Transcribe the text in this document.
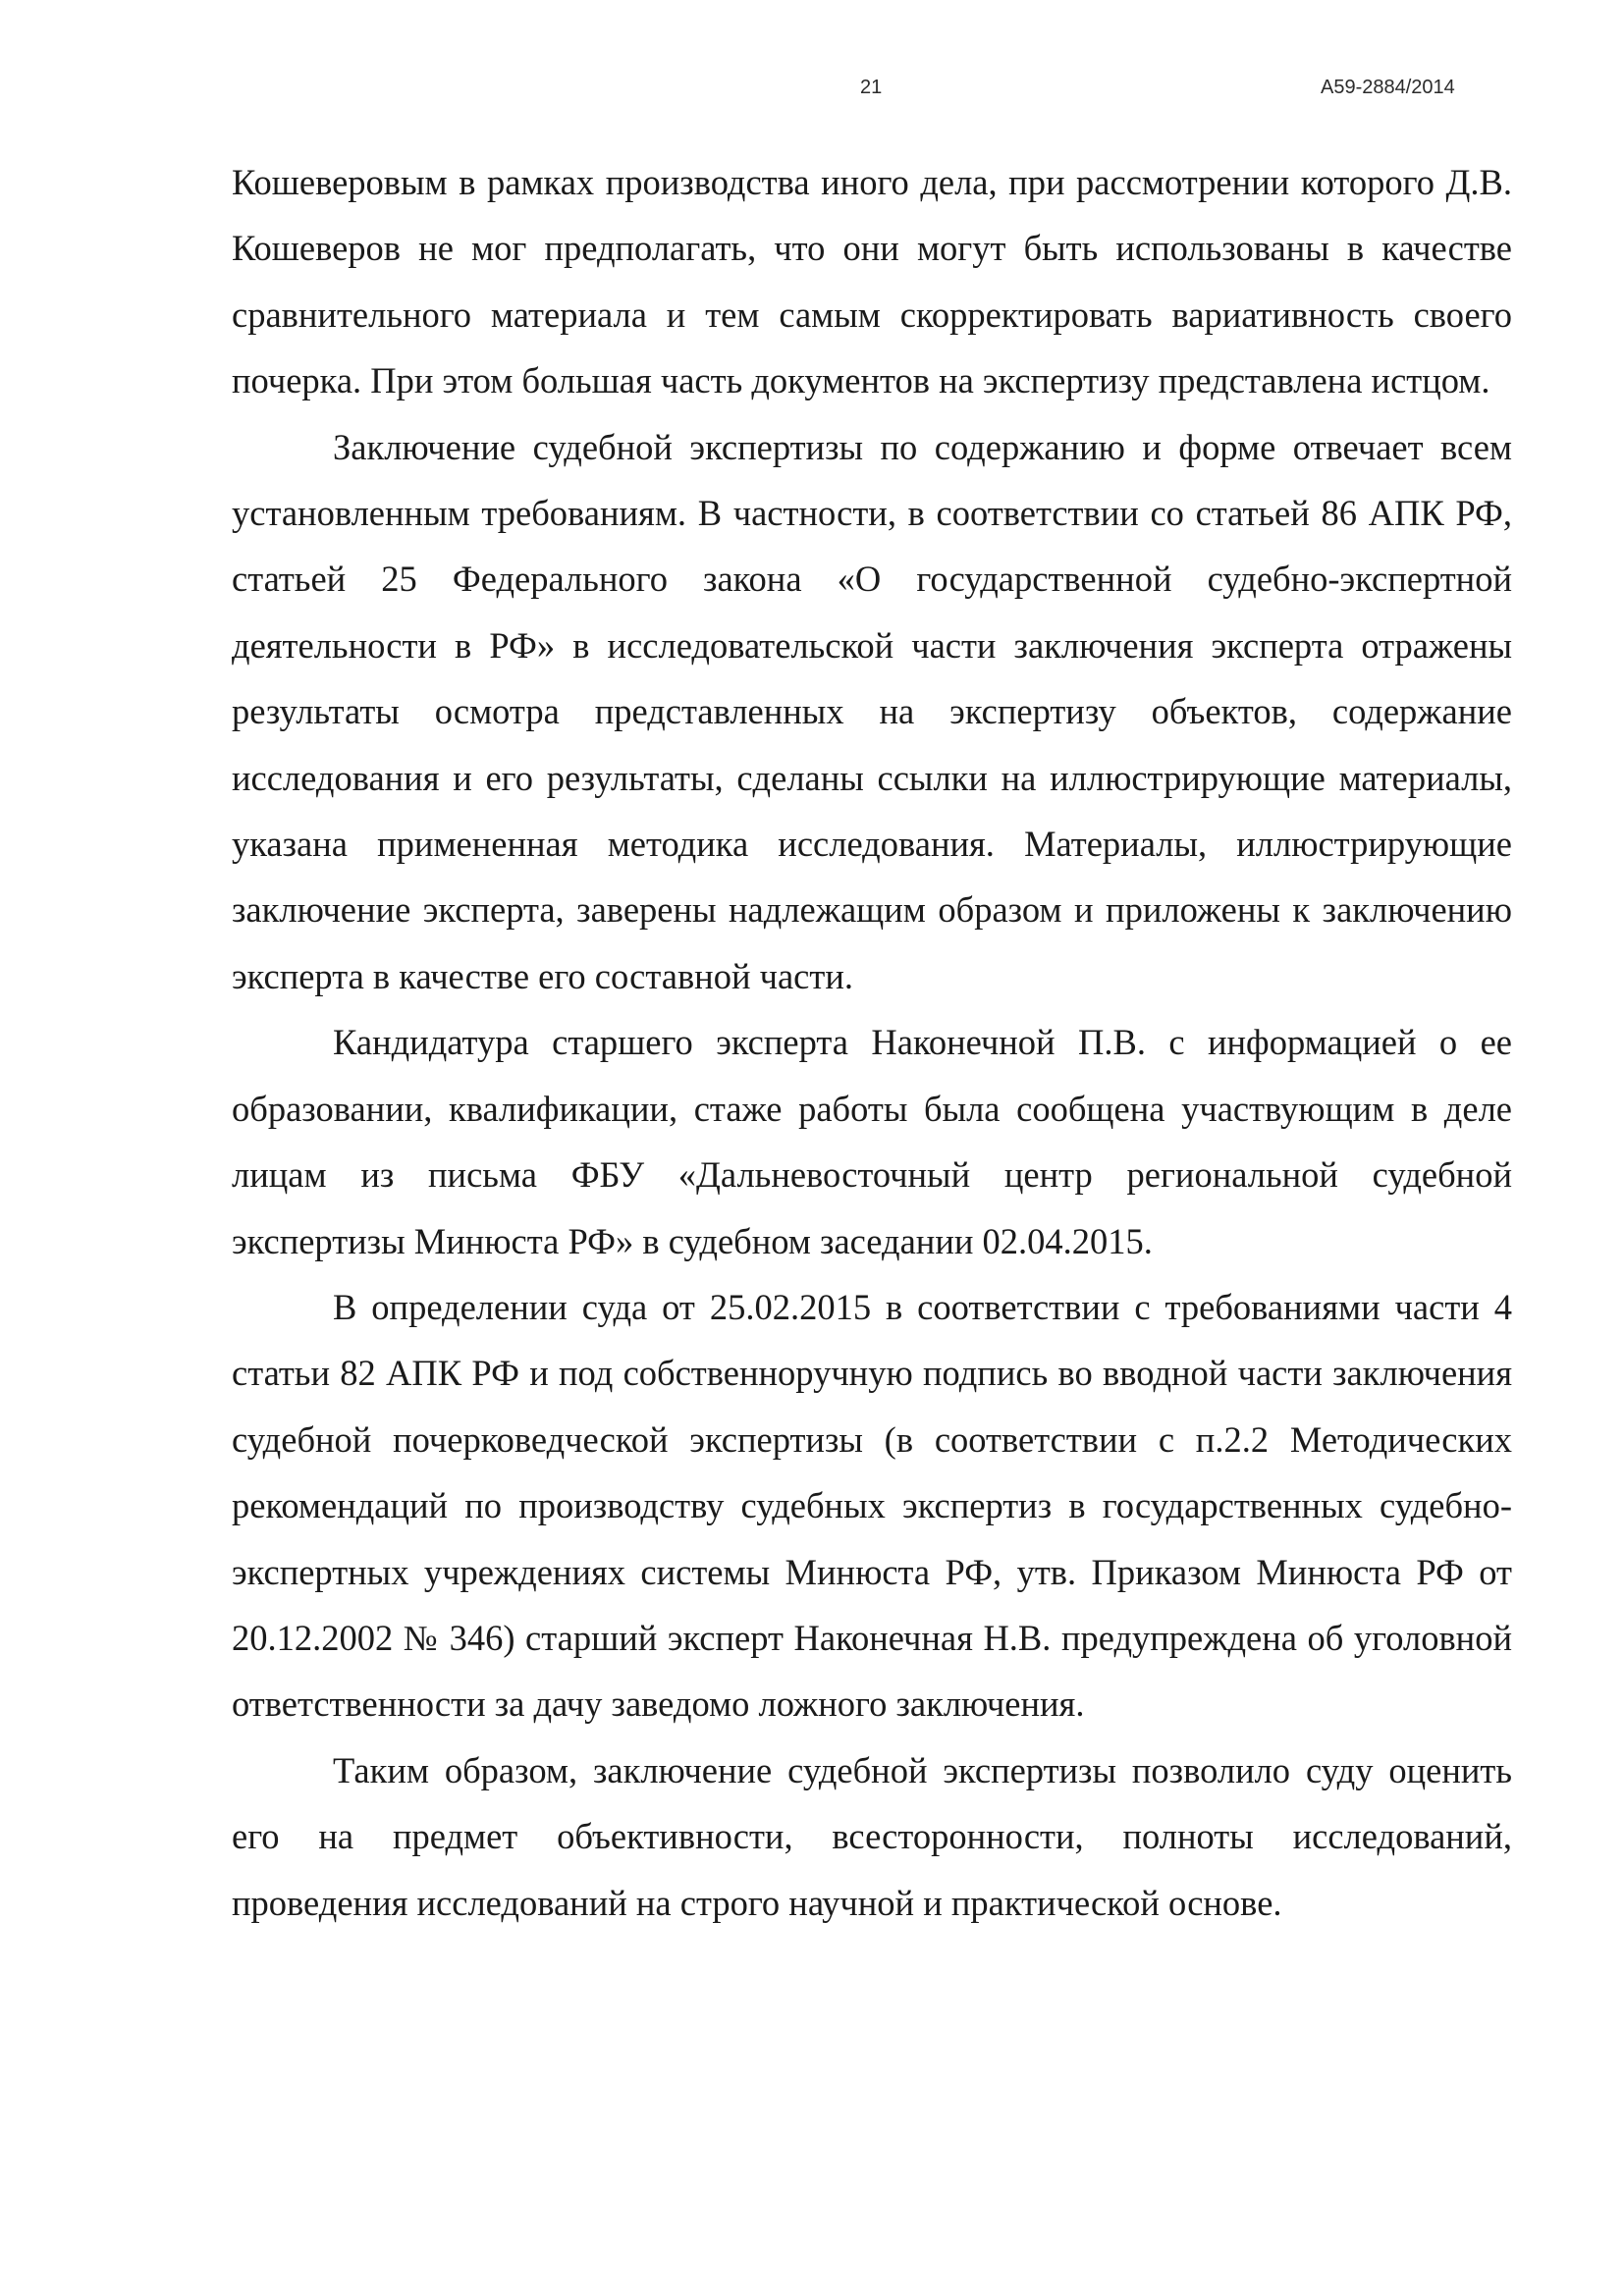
21	А59-2884/2014

Кошеверовым в рамках производства иного дела, при рассмотрении которого Д.В. Кошеверов не мог предполагать, что они могут быть использованы в качестве сравнительного материала и тем самым скорректировать вариативность своего почерка. При этом большая часть документов на экспертизу представлена истцом.

Заключение судебной экспертизы по содержанию и форме отвечает всем установленным требованиям. В частности, в соответствии со статьей 86 АПК РФ, статьей 25 Федерального закона «О государственной судебно-экспертной деятельности в РФ» в исследовательской части заключения эксперта отражены результаты осмотра представленных на экспертизу объектов, содержание исследования и его результаты, сделаны ссылки на иллюстрирующие материалы, указана примененная методика исследования. Материалы, иллюстрирующие заключение эксперта, заверены надлежащим образом и приложены к заключению эксперта в качестве его составной части.

Кандидатура старшего эксперта Наконечной П.В. с информацией о ее образовании, квалификации, стаже работы была сообщена участвующим в деле лицам из письма ФБУ «Дальневосточный центр региональной судебной экспертизы Минюста РФ» в судебном заседании 02.04.2015.

В определении суда от 25.02.2015 в соответствии с требованиями части 4 статьи 82 АПК РФ и под собственноручную подпись во вводной части заключения судебной почерковедческой экспертизы (в соответствии с п.2.2 Методических рекомендаций по производству судебных экспертиз в государственных судебно-экспертных учреждениях системы Минюста РФ, утв. Приказом Минюста РФ от 20.12.2002 № 346) старший эксперт Наконечная Н.В. предупреждена об уголовной ответственности за дачу заведомо ложного заключения.

Таким образом, заключение судебной экспертизы позволило суду оценить его на предмет объективности, всесторонности, полноты исследований, проведения исследований на строго научной и практической основе.
